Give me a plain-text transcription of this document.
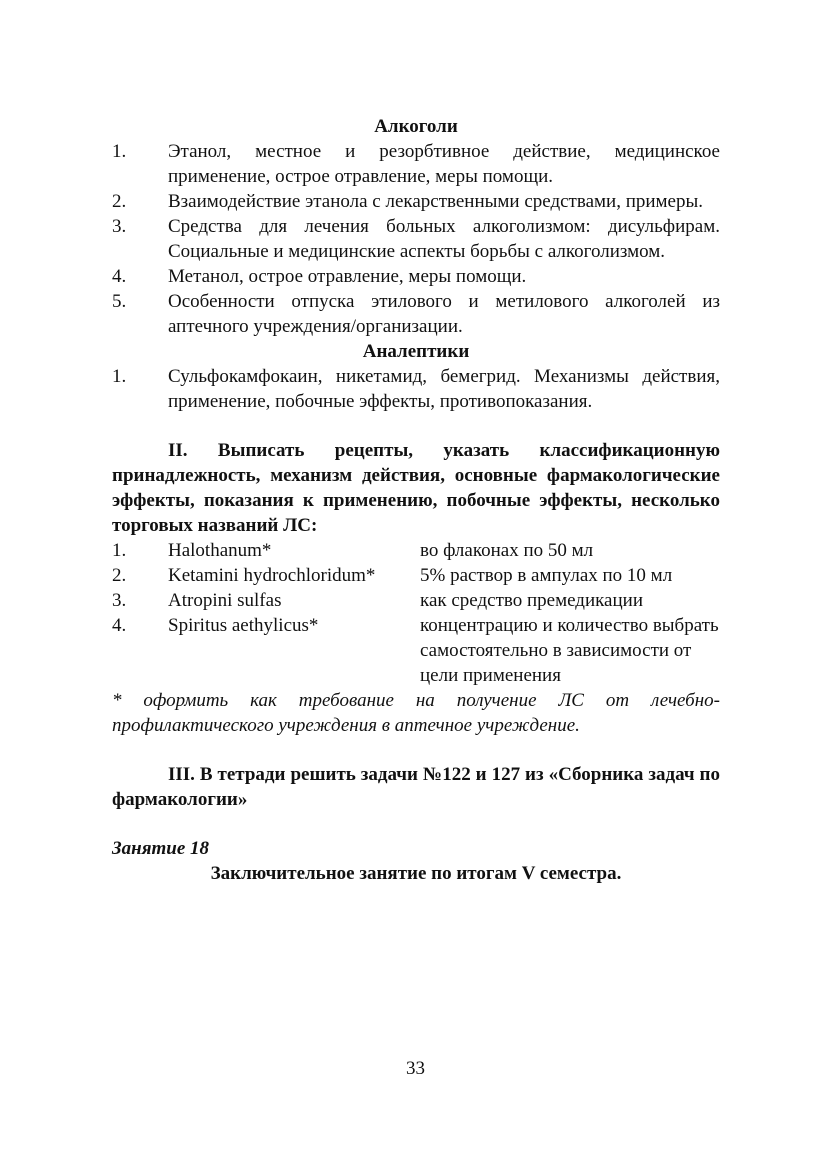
Алкоголи
1.	Этанол, местное и резорбтивное действие, медицинское применение, острое отравление, меры помощи.
2.	Взаимодействие этанола с лекарственными средствами, примеры.
3.	Средства для лечения больных алкоголизмом: дисульфирам. Социальные и медицинские аспекты борьбы с алкоголизмом.
4.	Метанол, острое отравление, меры помощи.
5.	Особенности отпуска этилового и метилового алкоголей из аптечного учреждения/организации.
Аналептики
1.	Сульфокамфокаин, никетамид, бемегрид. Механизмы действия, применение, побочные эффекты, противопоказания.
II. Выписать рецепты, указать классификационную принадлежность, механизм действия, основные фармакологические эффекты, показания к применению, побочные эффекты, несколько торговых названий ЛС:
1.	Halothanum*	во флаконах по 50 мл
2.	Ketamini hydrochloridum*	5% раствор в ампулах по 10 мл
3.	Atropini sulfas	как средство премедикации
4.	Spiritus aethylicus*	концентрацию и количество выбрать самостоятельно в зависимости от цели применения
* оформить как требование на получение ЛС от лечебно-профилактического учреждения в аптечное учреждение.
III. В тетради решить задачи №122 и 127 из «Сборника задач по фармакологии»
Занятие 18
Заключительное занятие по итогам V семестра.
33
